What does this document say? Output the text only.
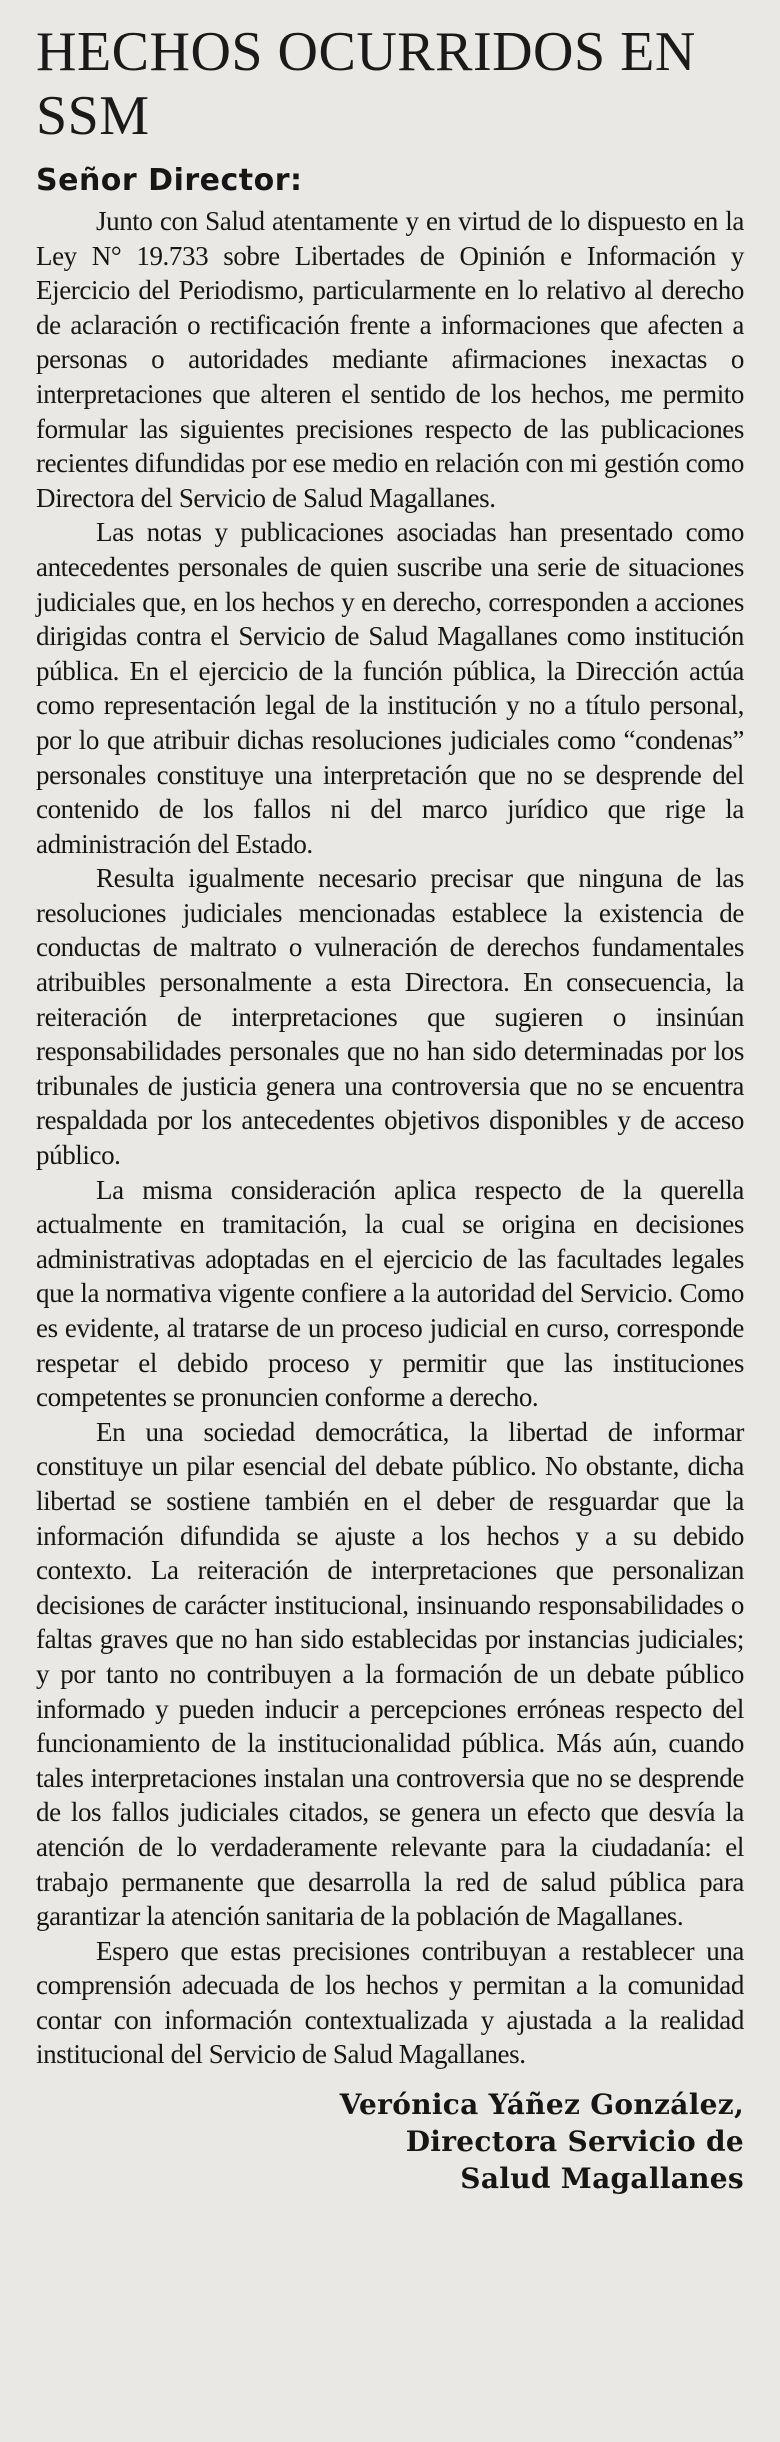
HECHOS OCURRIDOS EN
SSM
Señor Director:

Junto con Salud atentamente y en virtud de lo dispuesto en la Ley N° 19.733 sobre Libertades de Opinión e Información y Ejercicio del Periodismo, particularmente en lo relativo al derecho de aclaración o rectificación frente a informaciones que afecten a personas o autoridades mediante afirmaciones inexactas o interpretaciones que alteren el sentido de los hechos, me permito formular las siguientes precisiones respecto de las publicaciones recientes difundidas por ese medio en relación con mi gestión como Directora del Servicio de Salud Magallanes.

Las notas y publicaciones asociadas han presentado como antecedentes personales de quien suscribe una serie de situaciones judiciales que, en los hechos y en derecho, corresponden a acciones dirigidas contra el Servicio de Salud Magallanes como institución pública. En el ejercicio de la función pública, la Dirección actúa como representación legal de la institución y no a título personal, por lo que atribuir dichas resoluciones judiciales como “condenas” personales constituye una interpretación que no se desprende del contenido de los fallos ni del marco jurídico que rige la administración del Estado.

Resulta igualmente necesario precisar que ninguna de las resoluciones judiciales mencionadas establece la existencia de conductas de maltrato o vulneración de derechos fundamentales atribuibles personalmente a esta Directora. En consecuencia, la reiteración de interpretaciones que sugieren o insinúan responsabilidades personales que no han sido determinadas por los tribunales de justicia genera una controversia que no se encuentra respaldada por los antecedentes objetivos disponibles y de acceso público.

La misma consideración aplica respecto de la querella actualmente en tramitación, la cual se origina en decisiones administrativas adoptadas en el ejercicio de las facultades legales que la normativa vigente confiere a la autoridad del Servicio. Como es evidente, al tratarse de un proceso judicial en curso, corresponde respetar el debido proceso y permitir que las instituciones competentes se pronuncien conforme a derecho.

En una sociedad democrática, la libertad de informar constituye un pilar esencial del debate público. No obstante, dicha libertad se sostiene también en el deber de resguardar que la información difundida se ajuste a los hechos y a su debido contexto. La reiteración de interpretaciones que personalizan decisiones de carácter institucional, insinuando responsabilidades o faltas graves que no han sido establecidas por instancias judiciales; y por tanto no contribuyen a la formación de un debate público informado y pueden inducir a percepciones erróneas respecto del funcionamiento de la institucionalidad pública. Más aún, cuando tales interpretaciones instalan una controversia que no se desprende de los fallos judiciales citados, se genera un efecto que desvía la atención de lo verdaderamente relevante para la ciudadanía: el trabajo permanente que desarrolla la red de salud pública para garantizar la atención sanitaria de la población de Magallanes.

Espero que estas precisiones contribuyan a restablecer una comprensión adecuada de los hechos y permitan a la comunidad contar con información contextualizada y ajustada a la realidad institucional del Servicio de Salud Magallanes.

Verónica Yáñez González,
Directora Servicio de
Salud Magallanes
